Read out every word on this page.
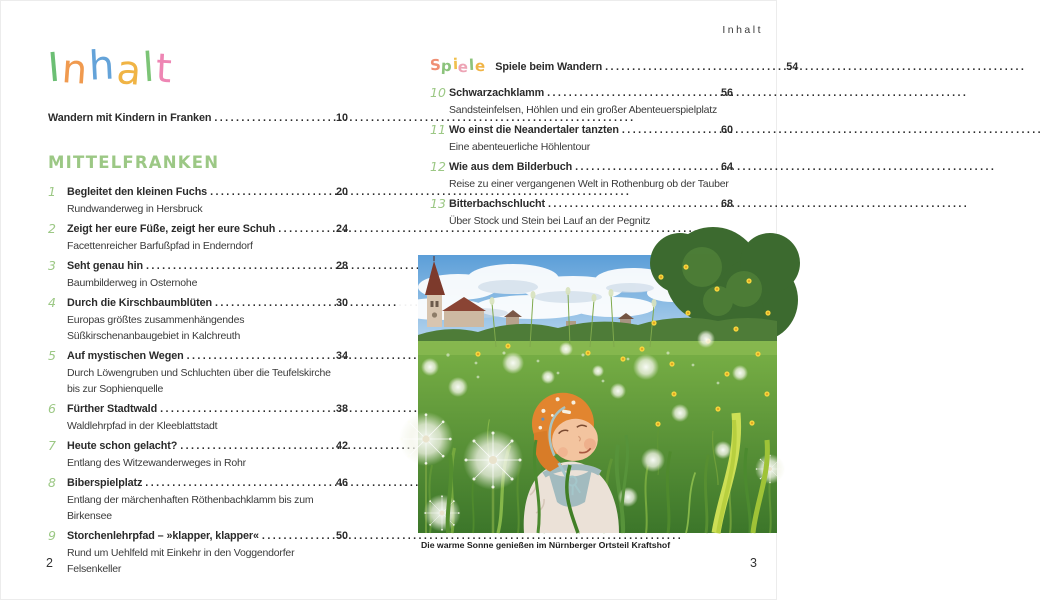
Inhalt
Inhalt
Wandern mit Kindern in Franken .....	10
MITTELFRANKEN
1	Begleitet den kleinen Fuchs .....	20
Rundwanderweg in Hersbruck
2	Zeigt her eure Füße, zeigt her eure Schuh .....	24
Facettenreicher Barfußpfad in Enderndorf
3	Seht genau hin .....	28
Baumbilderweg in Osternohe
4	Durch die Kirschbaumblüten .....	30
Europas größtes zusammenhängendes
Süßkirschenanbaugebiet in Kalchreuth
5	Auf mystischen Wegen .....	34
Durch Löwengruben und Schluchten über die Teufelskirche
bis zur Sophienquelle
6	Fürther Stadtwald .....	38
Waldlehrpfad in der Kleeblattstadt
7	Heute schon gelacht? .....	42
Entlang des Witzewanderweges in Rohr
8	Biberspielplatz .....	46
Entlang der märchenhaften Röthenbachklamm bis zum
Birkensee
9	Storchenlehrpfad – »klapper, klapper« .....	50
Rund um Uehlfeld mit Einkehr in den Voggendorfer Felsenkeller
Spiele Spiele beim Wandern .....	54
10 Schwarzachklamm .....	56
Sandsteinfelsen, Höhlen und ein großer Abenteuerspielplatz
11 Wo einst die Neandertaler tanzten .....	60
Eine abenteuerliche Höhlentour
12 Wie aus dem Bilderbuch .....	64
Reise zu einer vergangenen Welt in Rothenburg ob der Tauber
13 Bitterbachschlucht .....	68
Über Stock und Stein bei Lauf an der Pegnitz
Die warme Sonne genießen im Nürnberger Ortsteil Kraftshof
2	3
